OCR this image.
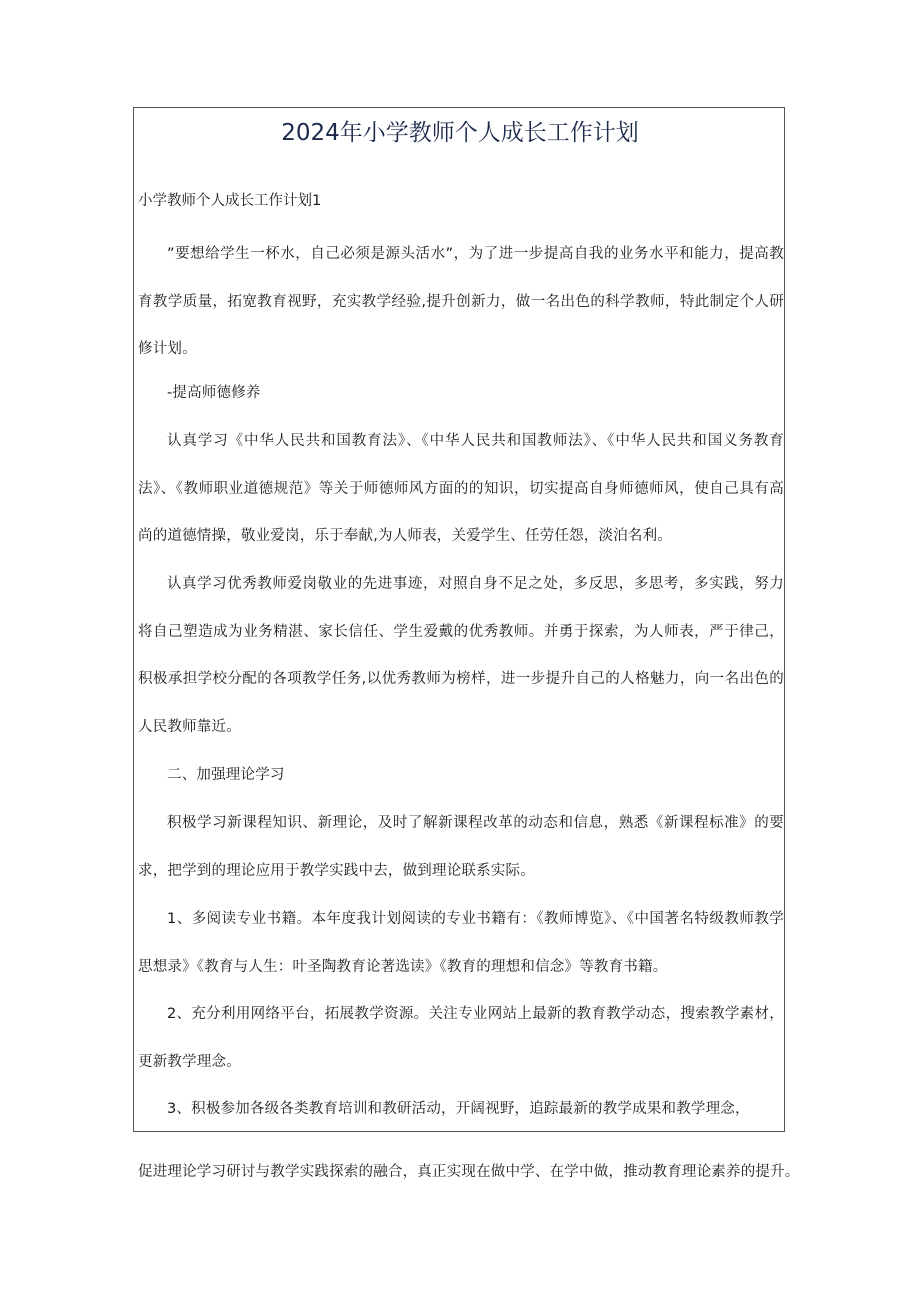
2024年小学教师个人成长工作计划

小学教师个人成长工作计划1

”要想给学生一杯水，自己必须是源头活水”，为了进一步提高自我的业务水平和能力，提高教育教学质量，拓宽教育视野，充实教学经验,提升创新力，做一名出色的科学教师，特此制定个人研修计划。

-提高师德修养

认真学习《中华人民共和国教育法》、《中华人民共和国教师法》、《中华人民共和国义务教育法》、《教师职业道德规范》等关于师德师风方面的的知识，切实提高自身师德师风，使自己具有高尚的道德情操，敬业爱岗，乐于奉献,为人师表，关爱学生、任劳任怨，淡泊名利。

认真学习优秀教师爱岗敬业的先进事迹，对照自身不足之处，多反思，多思考，多实践，努力将自己塑造成为业务精湛、家长信任、学生爱戴的优秀教师。并勇于探索，为人师表，严于律己，积极承担学校分配的各项教学任务,以优秀教师为榜样，进一步提升自己的人格魅力，向一名出色的人民教师靠近。

二、加强理论学习

积极学习新课程知识、新理论，及时了解新课程改革的动态和信息，熟悉《新课程标准》的要求，把学到的理论应用于教学实践中去，做到理论联系实际。

1、多阅读专业书籍。本年度我计划阅读的专业书籍有：《教师博览》、《中国著名特级教师教学思想录》《教育与人生：叶圣陶教育论著选读》《教育的理想和信念》等教育书籍。

2、充分利用网络平台，拓展教学资源。关注专业网站上最新的教育教学动态，搜索教学素材，更新教学理念。

3、积极参加各级各类教育培训和教研活动，开阔视野，追踪最新的教学成果和教学理念，

促进理论学习研讨与教学实践探索的融合，真正实现在做中学、在学中做，推动教育理论素养的提升。
